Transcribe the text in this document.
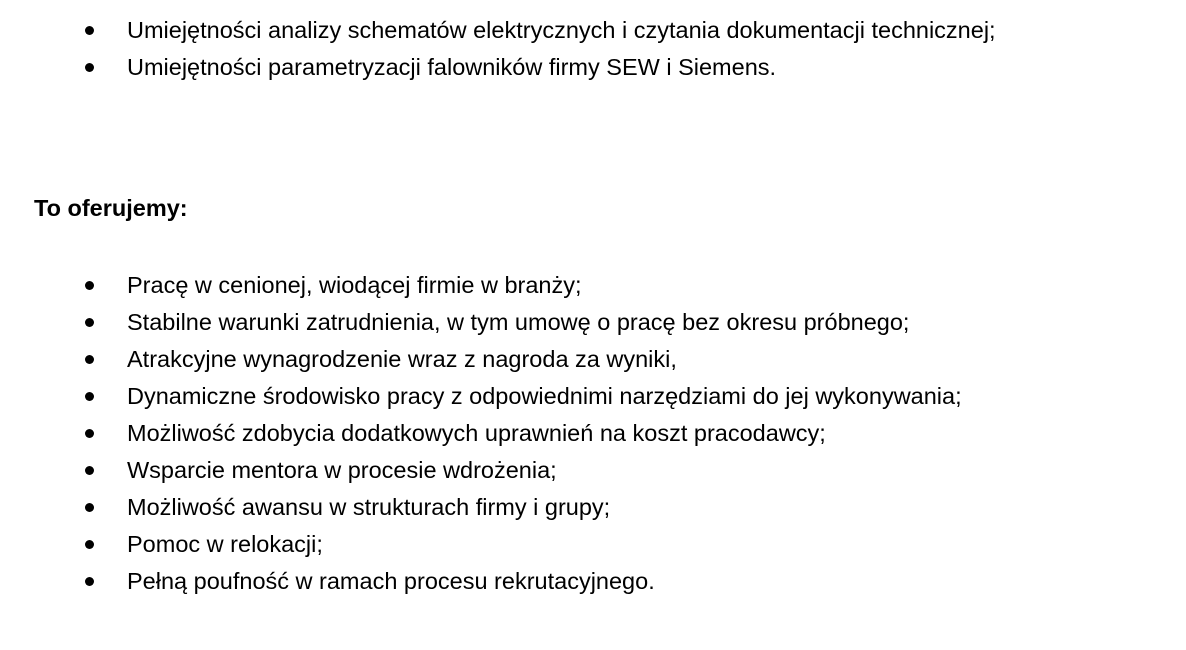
Umiejętności analizy schematów elektrycznych i czytania dokumentacji technicznej;
Umiejętności parametryzacji falowników firmy SEW i Siemens.

To oferujemy:

Pracę w cenionej, wiodącej firmie w branży;
Stabilne warunki zatrudnienia, w tym umowę o pracę bez okresu próbnego;
Atrakcyjne wynagrodzenie wraz z nagroda za wyniki,
Dynamiczne środowisko pracy z odpowiednimi narzędziami do jej wykonywania;
Możliwość zdobycia dodatkowych uprawnień na koszt pracodawcy;
Wsparcie mentora w procesie wdrożenia;
Możliwość awansu w strukturach firmy i grupy;
Pomoc w relokacji;
Pełną poufność w ramach procesu rekrutacyjnego.
